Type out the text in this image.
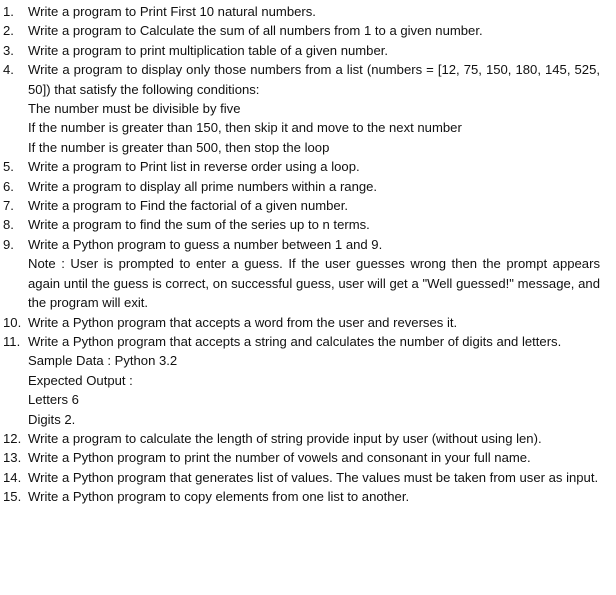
1. Write a program to Print First 10 natural numbers.
2. Write a program to Calculate the sum of all numbers from 1 to a given number.
3. Write a program to print multiplication table of a given number.
4. Write a program to display only those numbers from a list (numbers = [12, 75, 150, 180, 145, 525, 50]) that satisfy the following conditions:
The number must be divisible by five
If the number is greater than 150, then skip it and move to the next number
If the number is greater than 500, then stop the loop
5. Write a program to Print list in reverse order using a loop.
6. Write a program to display all prime numbers within a range.
7. Write a program to Find the factorial of a given number.
8. Write a program to find the sum of the series up to n terms.
9. Write a Python program to guess a number between 1 and 9.
Note : User is prompted to enter a guess. If the user guesses wrong then the prompt appears again until the guess is correct, on successful guess, user will get a "Well guessed!" message, and the program will exit.
10. Write a Python program that accepts a word from the user and reverses it.
11. Write a Python program that accepts a string and calculates the number of digits and letters.
Sample Data : Python 3.2
Expected Output :
Letters 6
Digits 2.
12. Write a program to calculate the length of string provide input by user (without using len).
13. Write a Python program to print the number of vowels and consonant in your full name.
14. Write a Python program that generates list of values. The values must be taken from user as input.
15. Write a Python program to copy elements from one list to another.
